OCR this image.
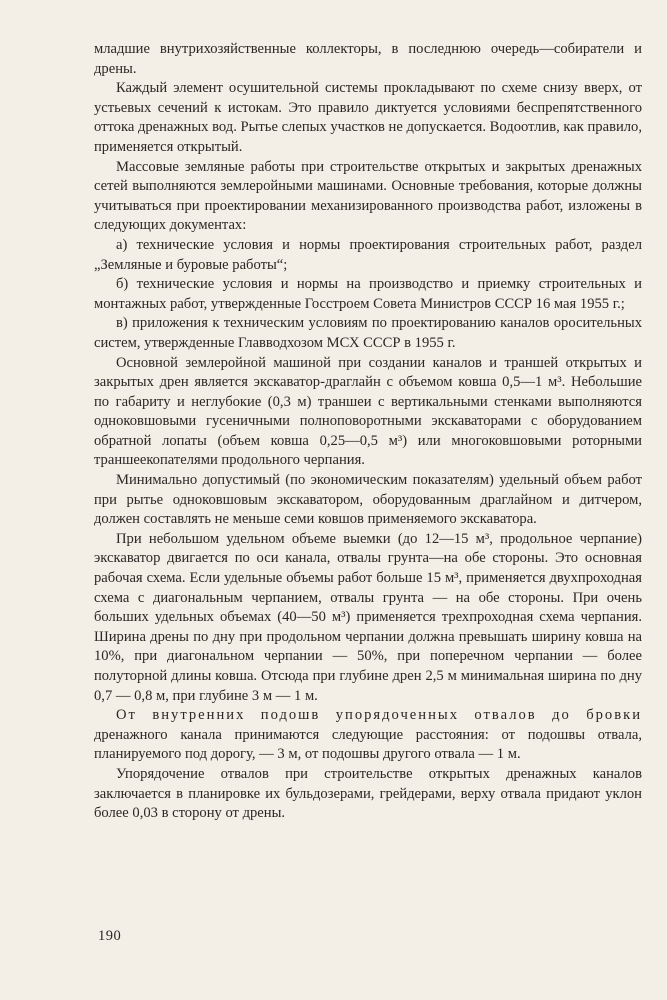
младшие внутрихозяйственные коллекторы, в последнюю очередь—собиратели и дрены.

Каждый элемент осушительной системы прокладывают по схеме снизу вверх, от устьевых сечений к истокам. Это правило диктуется условиями беспрепятственного оттока дренажных вод. Рытье слепых участков не допускается. Водоотлив, как правило, применяется открытый.

Массовые земляные работы при строительстве открытых и закрытых дренажных сетей выполняются землеройными машинами. Основные требования, которые должны учитываться при проектировании механизированного производства работ, изложены в следующих документах:

а) технические условия и нормы проектирования строительных работ, раздел „Земляные и буровые работы“;

б) технические условия и нормы на производство и приемку строительных и монтажных работ, утвержденные Госстроем Совета Министров СССР 16 мая 1955 г.;

в) приложения к техническим условиям по проектированию каналов оросительных систем, утвержденные Главводхозом МСХ СССР в 1955 г.

Основной землеройной машиной при создании каналов и траншей открытых и закрытых дрен является экскаватор-драглайн с объемом ковша 0,5—1 м³. Небольшие по габариту и неглубокие (0,3 м) траншеи с вертикальными стенками выполняются одноковшовыми гусеничными полноповоротными экскаваторами с оборудованием обратной лопаты (объем ковша 0,25—0,5 м³) или многоковшовыми роторными траншеекопателями продольного черпания.

Минимально допустимый (по экономическим показателям) удельный объем работ при рытье одноковшовым экскаватором, оборудованным драглайном и дитчером, должен составлять не меньше семи ковшов применяемого экскаватора.

При небольшом удельном объеме выемки (до 12—15 м³, продольное черпание) экскаватор двигается по оси канала, отвалы грунта—на обе стороны. Это основная рабочая схема. Если удельные объемы работ больше 15 м³, применяется двухпроходная схема с диагональным черпанием, отвалы грунта — на обе стороны. При очень больших удельных объемах (40—50 м³) применяется трехпроходная схема черпания. Ширина дрены по дну при продольном черпании должна превышать ширину ковша на 10%, при диагональном черпании — 50%, при поперечном черпании — более полуторной длины ковша. Отсюда при глубине дрен 2,5 м минимальная ширина по дну 0,7 — 0,8 м, при глубине 3 м — 1 м.

От внутренних подошв упорядоченных отвалов до бровки дренажного канала принимаются следующие расстояния: от подошвы отвала, планируемого под дорогу, — 3 м, от подошвы другого отвала — 1 м.

Упорядочение отвалов при строительстве открытых дренажных каналов заключается в планировке их бульдозерами, грейдерами, верху отвала придают уклон более 0,03 в сторону от дрены.

190
